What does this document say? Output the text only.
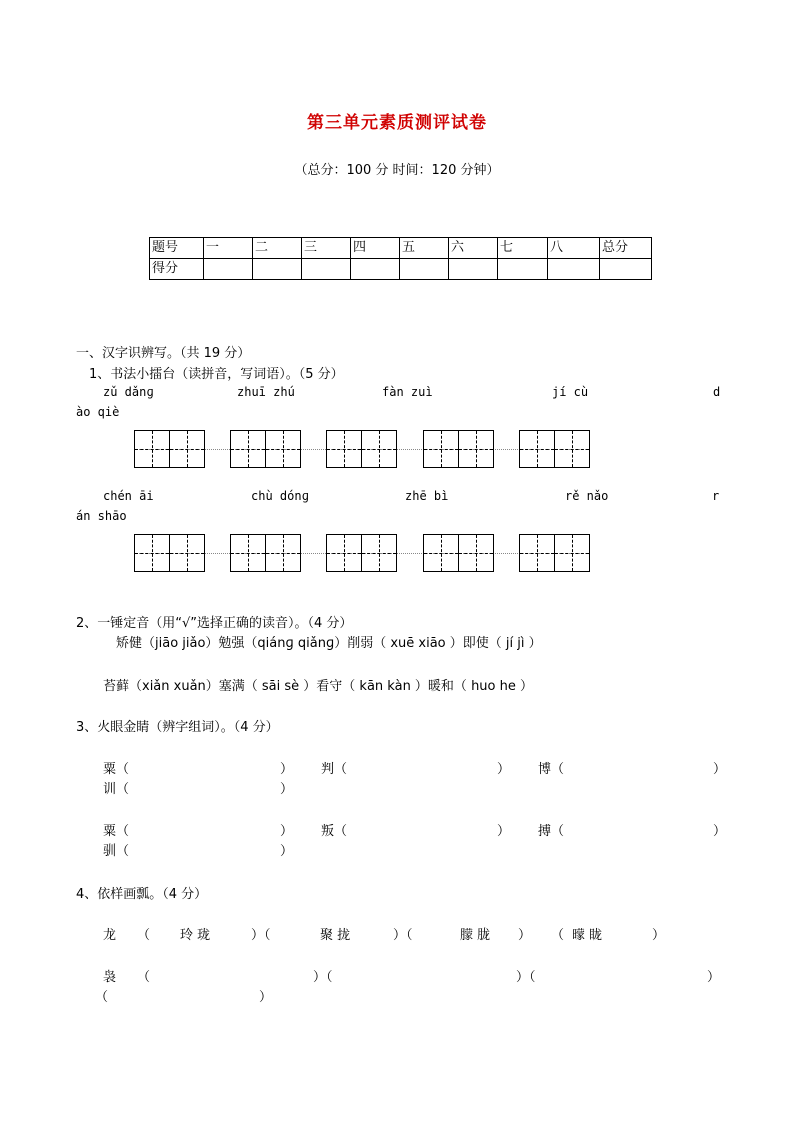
第三单元素质测评试卷
（总分：100 分 时间：120 分钟）
题号	一	二	三	四	五	六	七	八	总分
得分									
一、汉字识辨写。（共 19 分）
1、书法小擂台（读拼音，写词语）。（5 分）
zǔ dǎnɡ	zhuī zhú	fàn zuì	jí cù	d
ào qiè
chén āi	chù dónɡ	zhē bì	rě nǎo	r
án shāo
2、一锤定音（用“√”选择正确的读音）。（4 分）
矫健（jiāo jiǎo）勉强（qiánɡ qiǎnɡ）削弱（ xuē xiāo ）即使（ jí jì ）
苔藓（xiǎn xuǎn）塞满（ sāi sè ）看守（ kān kàn ）暖和（ huo he ）
3、火眼金睛（辨字组词）。（4 分）
粟（	） 判（	） 博（	）
训（	）
粟（	） 叛（	） 搏（	）
驯（	）
4、依样画瓢。（4 分）
龙 （ 玲 珑	）（	聚 拢	）（	朦 胧 ） （ 曚 眬	）
袅 （	）（	）（	）
（	）
